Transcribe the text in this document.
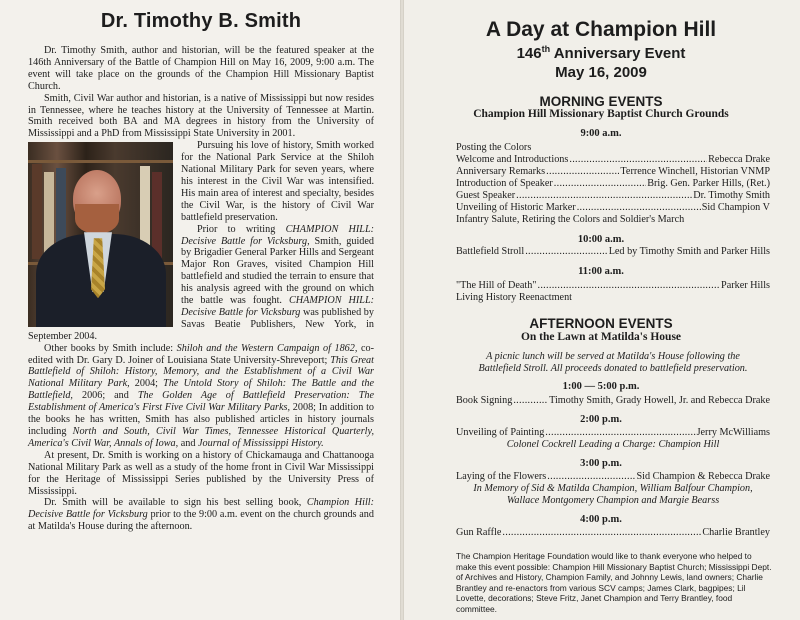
Dr. Timothy B. Smith

Dr. Timothy Smith, author and historian, will be the featured speaker at the 146th Anniversary of the Battle of Champion Hill on May 16, 2009, 9:00 a.m. The event will take place on the grounds of the Champion Hill Missionary Baptist Church.

Smith, Civil War author and historian, is a native of Mississippi but now resides in Tennessee, where he teaches history at the University of Tennessee at Martin. Smith received both BA and MA degrees in history from the University of Mississippi and a PhD from Mississippi State University in 2001.

Pursuing his love of history, Smith worked for the National Park Service at the Shiloh National Military Park for seven years, where his interest in the Civil War was intensified. His main area of interest and specialty, besides the Civil War, is the history of Civil War battlefield preservation.

Prior to writing CHAMPION HILL: Decisive Battle for Vicksburg, Smith, guided by Brigadier General Parker Hills and Sergeant Major Ron Graves, visited Champion Hill battlefield and studied the terrain to ensure that his analysis agreed with the ground on which the battle was fought. CHAMPION HILL: Decisive Battle for Vicksburg was published by Savas Beatie Publishers, New York, in September 2004.

Other books by Smith include: Shiloh and the Western Campaign of 1862, co-edited with Dr. Gary D. Joiner of Louisiana State University-Shreveport; This Great Battlefield of Shiloh: History, Memory, and the Establishment of a Civil War National Military Park, 2004; The Untold Story of Shiloh: The Battle and the Battlefield, 2006; and The Golden Age of Battlefield Preservation: The Establishment of America's First Five Civil War Military Parks, 2008; In addition to the books he has written, Smith has also published articles in history journals including North and South, Civil War Times, Tennessee Historical Quarterly, America's Civil War, Annals of Iowa, and Journal of Mississippi History.

At present, Dr. Smith is working on a history of Chickamauga and Chattanooga National Military Park as well as a study of the home front in Civil War Mississippi for the Heritage of Mississippi Series published by the University Press of Mississippi.

Dr. Smith will be available to sign his best selling book, Champion Hill: Decisive Battle for Vicksburg prior to the 9:00 a.m. event on the church grounds and at Matilda's House during the afternoon.

A Day at Champion Hill
146th Anniversary Event
May 16, 2009
MORNING EVENTS
Champion Hill Missionary Baptist Church Grounds
9:00 a.m.
Posting the Colors
Welcome and Introductions .....	Rebecca Drake
Anniversary Remarks .....	Terrence Winchell, Historian VNMP
Introduction of Speaker .....	Brig. Gen. Parker Hills, (Ret.)
Guest Speaker .....	Dr. Timothy Smith
Unveiling of Historic Marker .....	Sid Champion V
Infantry Salute, Retiring the Colors and Soldier's March
10:00 a.m.
Battlefield Stroll .....	Led by Timothy Smith and Parker Hills
11:00 a.m.
"The Hill of Death" .....	Parker Hills
Living History Reenactment
AFTERNOON EVENTS
On the Lawn at Matilda's House
A picnic lunch will be served at Matilda's House following the
Battlefield Stroll. All proceeds donated to battlefield preservation.
1:00 — 5:00 p.m.
Book Signing .....	Timothy Smith, Grady Howell, Jr. and Rebecca Drake
2:00 p.m.
Unveiling of Painting .....	Jerry McWilliams
Colonel Cockrell Leading a Charge: Champion Hill
3:00 p.m.
Laying of the Flowers .....	Sid Champion & Rebecca Drake
In Memory of Sid & Matilda Champion, William Balfour Champion,
Wallace Montgomery Champion and Margie Bearss
4:00 p.m.
Gun Raffle .....	Charlie Brantley
The Champion Heritage Foundation would like to thank everyone who helped to make this event possible: Champion Hill Missionary Baptist Church; Mississippi Dept. of Archives and History, Champion Family, and Johnny Lewis, land owners; Charlie Brantley and re-enactors from various SCV camps; James Clark, bagpipes; Lil Lovette, decorations; Steve Fritz, Janet Champion and Terry Brantley, food committee.
